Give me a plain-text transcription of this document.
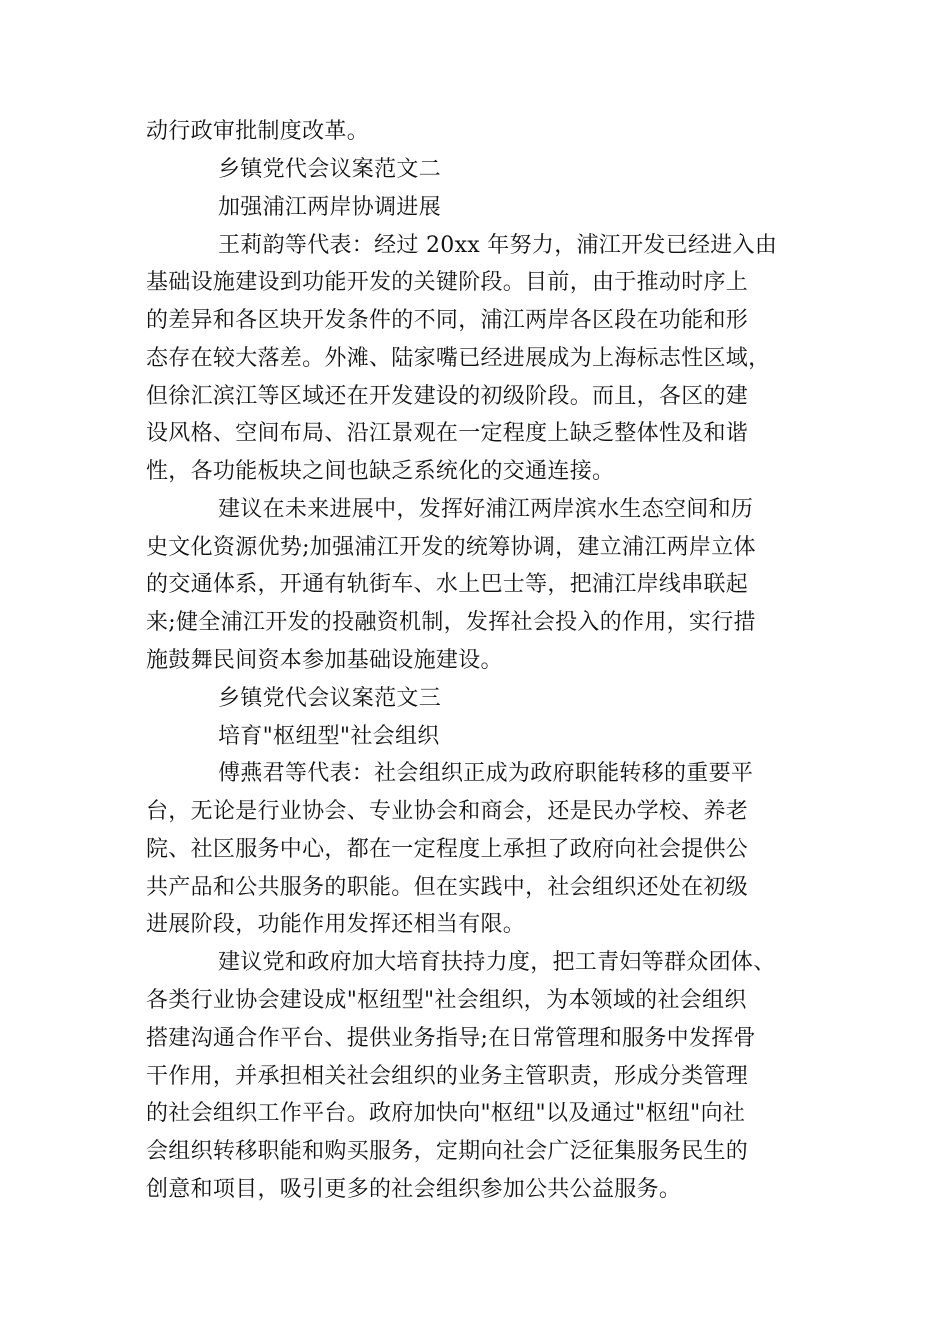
动行政审批制度改革。
乡镇党代会议案范文二
加强浦江两岸协调进展
王莉韵等代表：经过 20xx 年努力，浦江开发已经进入由
基础设施建设到功能开发的关键阶段。目前，由于推动时序上
的差异和各区块开发条件的不同，浦江两岸各区段在功能和形
态存在较大落差。外滩、陆家嘴已经进展成为上海标志性区域，
但徐汇滨江等区域还在开发建设的初级阶段。而且，各区的建
设风格、空间布局、沿江景观在一定程度上缺乏整体性及和谐
性，各功能板块之间也缺乏系统化的交通连接。
建议在未来进展中，发挥好浦江两岸滨水生态空间和历
史文化资源优势;加强浦江开发的统筹协调，建立浦江两岸立体
的交通体系，开通有轨街车、水上巴士等，把浦江岸线串联起
来;健全浦江开发的投融资机制，发挥社会投入的作用，实行措
施鼓舞民间资本参加基础设施建设。
乡镇党代会议案范文三
培育"枢纽型"社会组织
傅燕君等代表：社会组织正成为政府职能转移的重要平
台，无论是行业协会、专业协会和商会，还是民办学校、养老
院、社区服务中心，都在一定程度上承担了政府向社会提供公
共产品和公共服务的职能。但在实践中，社会组织还处在初级
进展阶段，功能作用发挥还相当有限。
建议党和政府加大培育扶持力度，把工青妇等群众团体、
各类行业协会建设成"枢纽型"社会组织，为本领域的社会组织
搭建沟通合作平台、提供业务指导;在日常管理和服务中发挥骨
干作用，并承担相关社会组织的业务主管职责，形成分类管理
的社会组织工作平台。政府加快向"枢纽"以及通过"枢纽"向社
会组织转移职能和购买服务，定期向社会广泛征集服务民生的
创意和项目，吸引更多的社会组织参加公共公益服务。
